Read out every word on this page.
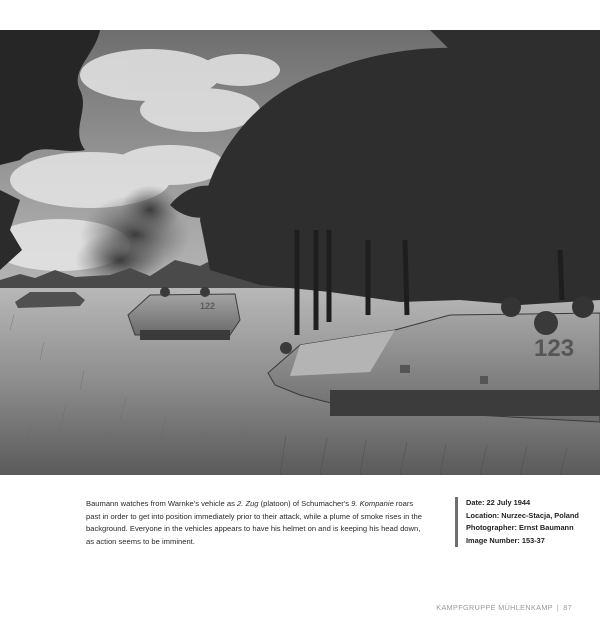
122
123
Baumann watches from Warnke's vehicle as 2. Zug (platoon) of Schumacher's 9. Kompanie roars past in order to get into position immediately prior to their attack, while a plume of smoke rises in the background. Everyone in the vehicles appears to have his helmet on and is keeping his head down, as action seems to be imminent.
Date: 22 July 1944
Location: Nurzec-Stacja, Poland
Photographer: Ernst Baumann
Image Number: 153-37
KAMPFGRUPPE MÜHLENKAMP | 87
